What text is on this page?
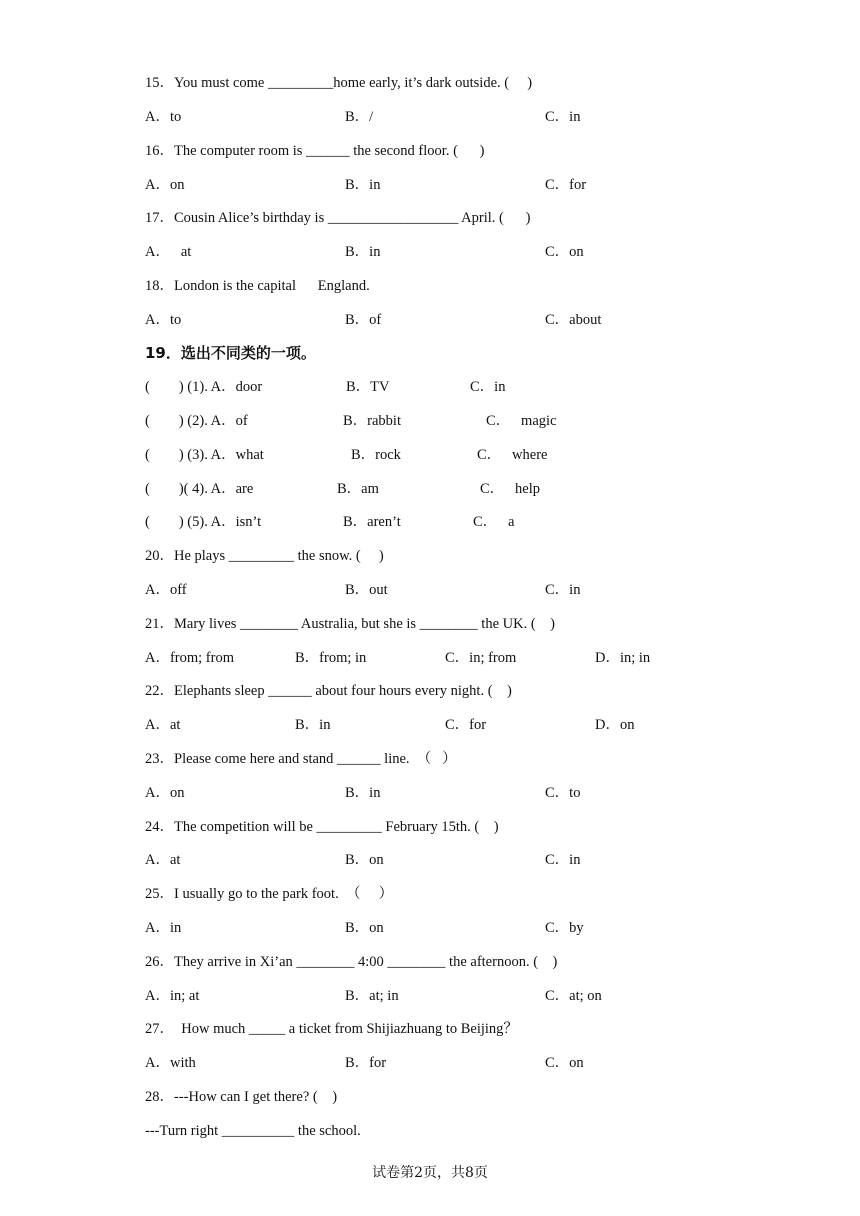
15．You must come _________home early, it’s dark outside. (     )
A．to	B．/	C．in
16．The computer room is ______ the second floor. (      )
A．on	B．in	C．for
17．Cousin Alice’s birthday is __________________ April. (      )
A．   at	B．in	C．on
18．London is the capital      England.
A．to	B．of	C．about
19．选出不同类的一项。
(        ) (1). A．door	B．TV	C．in
(        ) (2). A．of	B．rabbit	C．   magic
(        ) (3). A．what	B．rock	C．   where
(        )( 4). A．are	B．am	C．   help
(        ) (5). A．isn’t	B．aren’t	C．   a
20．He plays _________ the snow. (     )
A．off	B．out	C．in
21．Mary lives ________ Australia, but she is ________ the UK. (    )
A．from; from	B．from; in	C．in; from	D．in; in
22．Elephants sleep ______ about four hours every night. (    )
A．at	B．in	C．for	D．on
23．Please come here and stand ______ line.  （   ）
A．on	B．in	C．to
24．The competition will be _________ February 15th. (    )
A．at	B．on	C．in
25．I usually go to the park foot.  （     ）
A．in	B．on	C．by
26．They arrive in Xi’an ________ 4:00 ________ the afternoon. (    )
A．in; at	B．at; in	C．at; on
27．  How much _____ a ticket from Shijiazhuang to Beijing？
A．with	B．for	C．on
28．---How can I get there? (    )
---Turn right __________ the school.
试卷第2页，共8页
